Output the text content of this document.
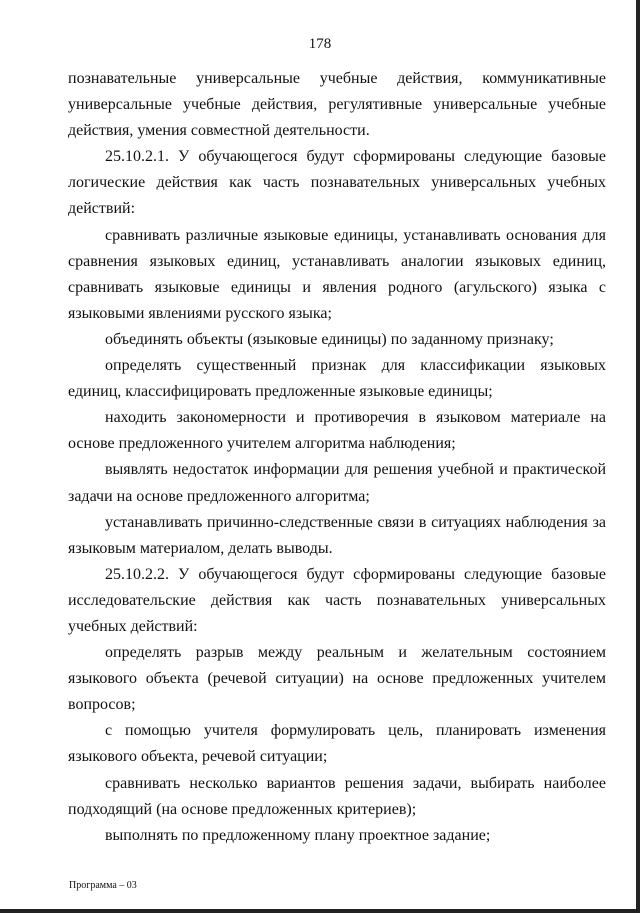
178

познавательные универсальные учебные действия, коммуникативные универсальные учебные действия, регулятивные универсальные учебные действия, умения совместной деятельности.

25.10.2.1. У обучающегося будут сформированы следующие базовые логические действия как часть познавательных универсальных учебных действий:

сравнивать различные языковые единицы, устанавливать основания для сравнения языковых единиц, устанавливать аналогии языковых единиц, сравнивать языковые единицы и явления родного (агульского) языка с языковыми явлениями русского языка;

объединять объекты (языковые единицы) по заданному признаку;

определять существенный признак для классификации языковых единиц, классифицировать предложенные языковые единицы;

находить закономерности и противоречия в языковом материале на основе предложенного учителем алгоритма наблюдения;

выявлять недостаток информации для решения учебной и практической задачи на основе предложенного алгоритма;

устанавливать причинно-следственные связи в ситуациях наблюдения за языковым материалом, делать выводы.

25.10.2.2. У обучающегося будут сформированы следующие базовые исследовательские действия как часть познавательных универсальных учебных действий:

определять разрыв между реальным и желательным состоянием языкового объекта (речевой ситуации) на основе предложенных учителем вопросов;

с помощью учителя формулировать цель, планировать изменения языкового объекта, речевой ситуации;

сравнивать несколько вариантов решения задачи, выбирать наиболее подходящий (на основе предложенных критериев);

выполнять по предложенному плану проектное задание;

Программа – 03
